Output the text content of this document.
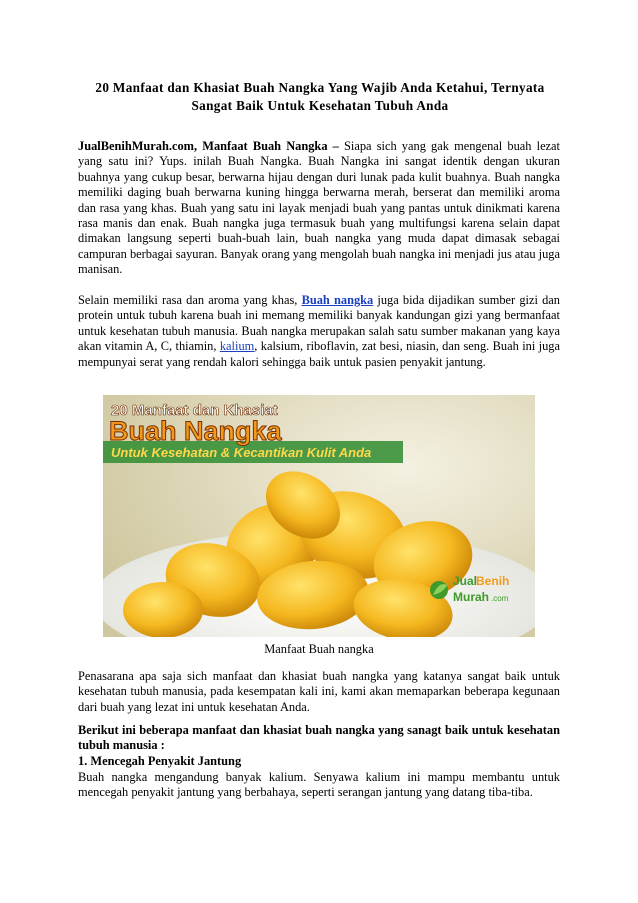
20 Manfaat dan Khasiat Buah Nangka Yang Wajib Anda Ketahui, Ternyata Sangat Baik Untuk Kesehatan Tubuh Anda

JualBenihMurah.com, Manfaat Buah Nangka – Siapa sich yang gak mengenal buah lezat yang satu ini? Yups. inilah Buah Nangka. Buah Nangka ini sangat identik dengan ukuran buahnya yang cukup besar, berwarna hijau dengan duri lunak pada kulit buahnya. Buah nangka memiliki daging buah berwarna kuning hingga berwarna merah, berserat dan memiliki aroma dan rasa yang khas. Buah yang satu ini layak menjadi buah yang pantas untuk dinikmati karena rasa manis dan enak. Buah nangka juga termasuk buah yang multifungsi karena selain dapat dimakan langsung seperti buah-buah lain, buah nangka yang muda dapat dimasak sebagai campuran berbagai sayuran. Banyak orang yang mengolah buah nangka ini menjadi jus atau juga manisan.

Selain memiliki rasa dan aroma yang khas, Buah nangka juga bida dijadikan sumber gizi dan protein untuk tubuh karena buah ini memang memiliki banyak kandungan gizi yang bermanfaat untuk kesehatan tubuh manusia. Buah nangka merupakan salah satu sumber makanan yang kaya akan vitamin A, C, thiamin, kalium, kalsium, riboflavin, zat besi, niasin, dan seng. Buah ini juga mempunyai serat yang rendah kalori sehingga baik untuk pasien penyakit jantung.

20 Manfaat dan Khasiat
Buah Nangka
Untuk Kesehatan & Kecantikan Kulit Anda
Jual
Benih
Murah .com
Manfaat Buah nangka

Penasarana apa saja sich manfaat dan khasiat buah nangka yang katanya sangat baik untuk kesehatan tubuh manusia, pada kesempatan kali ini, kami akan memaparkan beberapa kegunaan dari buah yang lezat ini untuk kesehatan Anda.

Berikut ini beberapa manfaat dan khasiat buah nangka yang sanagt baik untuk kesehatan tubuh manusia :

1. Mencegah Penyakit Jantung

Buah nangka mengandung banyak kalium. Senyawa kalium ini mampu membantu untuk mencegah penyakit jantung yang berbahaya, seperti serangan jantung yang datang tiba-tiba.
